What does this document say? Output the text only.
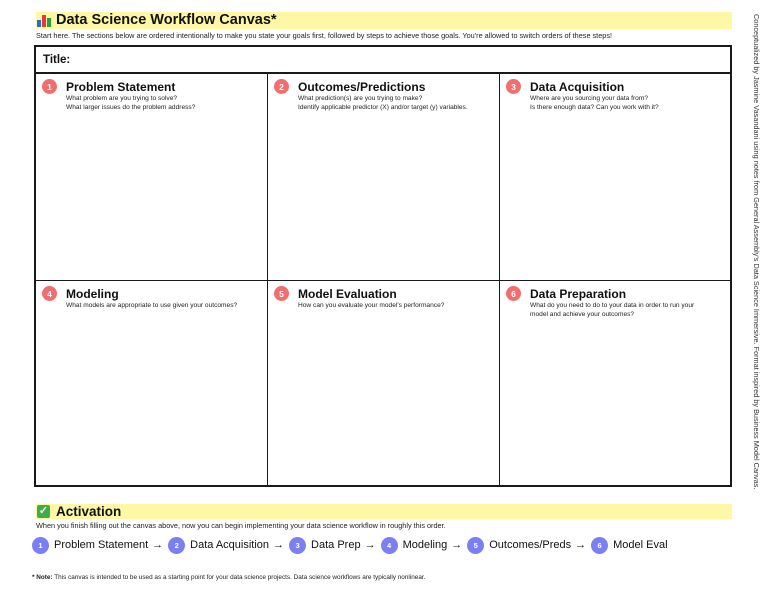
Data Science Workflow Canvas*
Start here. The sections below are ordered intentionally to make you state your goals first, followed by steps to achieve those goals. You're allowed to switch orders of these steps!
Title:
1	Problem Statement
What problem are you trying to solve?
What larger issues do the problem address?
2	Outcomes/Predictions
What prediction(s) are you trying to make?
Identify applicable predictor (X) and/or target (y) variables.
3	Data Acquisition
Where are you sourcing your data from?
Is there enough data? Can you work with it?
4	Modeling
What models are appropriate to use given your outcomes?
5	Model Evaluation
How can you evaluate your model's performance?
6	Data Preparation
What do you need to do to your data in order to run your
model and achieve your outcomes?
✓ Activation
When you finish filling out the canvas above, now you can begin implementing your data science workflow in roughly this order.
1	Problem Statement →	2	Data Acquisition →	3	Data Prep →	4	Modeling →	5	Outcomes/Preds →	6	Model Eval
* Note: This canvas is intended to be used as a starting point for your data science projects. Data science workflows are typically nonlinear.
Conceptualized by Jasmine Vasandani using notes from General Assembly's Data Science Immersive. Format inspired by Business Model Canvas.
